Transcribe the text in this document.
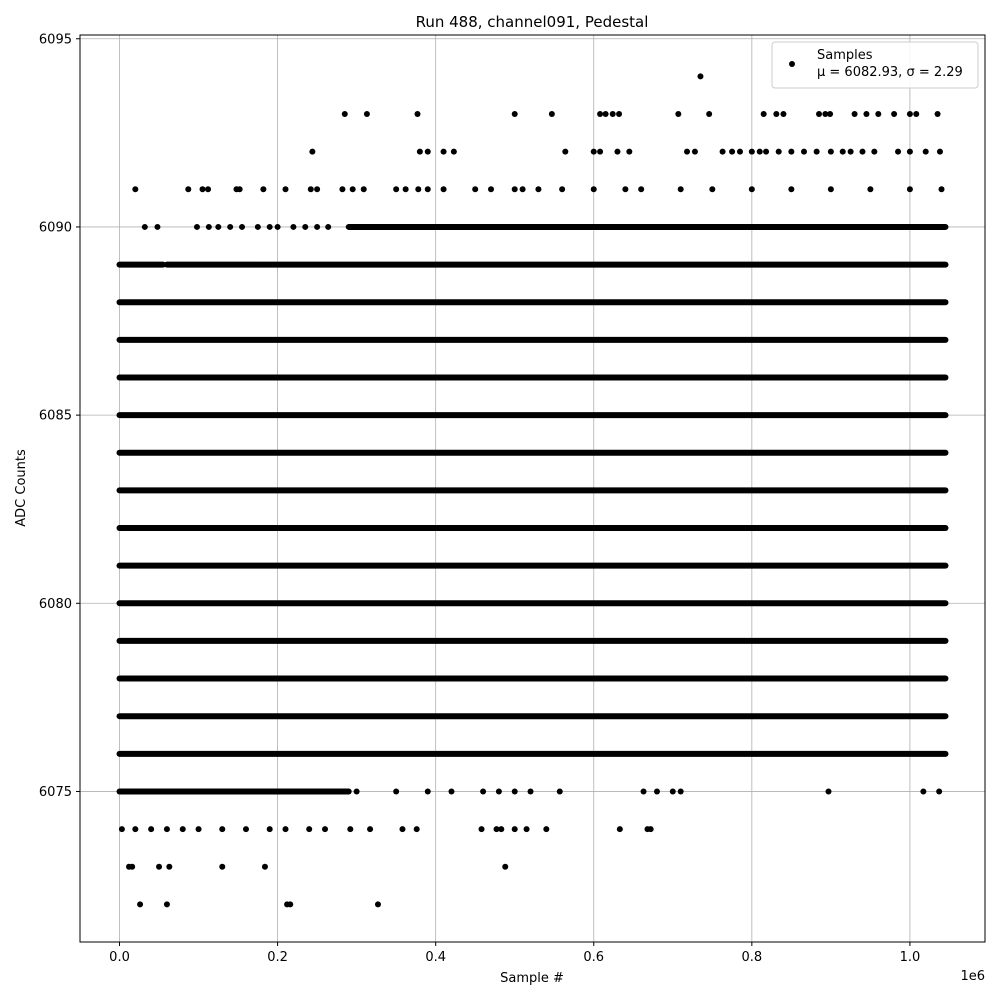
0.0	0.2	0.4	0.6	0.8	1.0
6075
6080
6085
6090
6095
Run 488, channel091, Pedestal
Sample #
ADC Counts
1e6
Samples
μ = 6082.93, σ = 2.29
